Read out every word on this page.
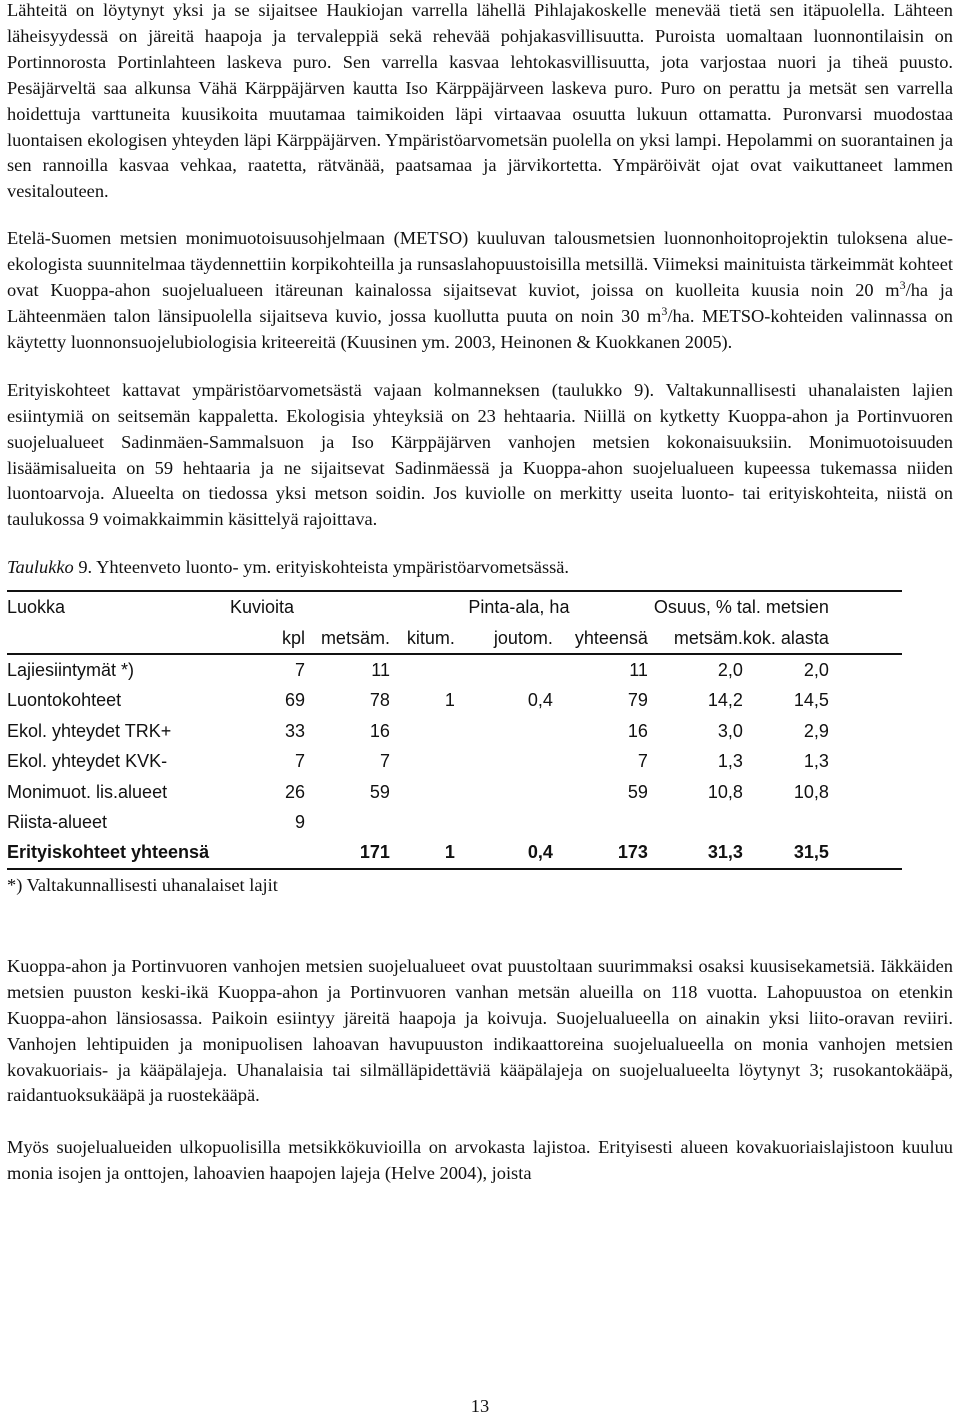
Lähteitä on löytynyt yksi ja se sijaitsee Haukiojan varrella lähellä Pihlajakoskelle menevää tietä sen itäpuolella. Lähteen läheisyydessä on järeitä haapoja ja tervaleppiä sekä rehevää pohjakasvillisuutta. Puroista uomaltaan luonnontilaisin on Portinnorosta Portinlahteen laskeva puro. Sen varrella kasvaa lehtokasvillisuutta, jota varjostaa nuori ja tiheä puusto. Pesäjärveltä saa alkunsa Vähä Kärppäjärven kautta Iso Kärppäjärveen laskeva puro. Puro on perattu ja metsät sen varrella hoidettuja varttuneita kuusikoita muutamaa taimikoiden läpi virtaavaa osuutta lukuun ottamatta. Puronvarsi muodostaa luontaisen ekologisen yhteyden läpi Kärppäjärven. Ympäristöarvometsän puolella on yksi lampi. Hepolammi on suorantainen ja sen rannoilla kasvaa vehkaa, raatetta, rätvänää, paatsamaa ja järvikortetta. Ympäröivät ojat ovat vaikuttaneet lammen vesitalouteen.

Etelä-Suomen metsien monimuotoisuusohjelmaan (METSO) kuuluvan talousmetsien luonnonhoitoprojektin tuloksena alue-ekologista suunnitelmaa täydennettiin korpikohteilla ja runsaslahopuustoisilla metsillä. Viimeksi mainituista tärkeimmät kohteet ovat Kuoppa-ahon suojelualueen itäreunan kainalossa sijaitsevat kuviot, joissa on kuolleita kuusia noin 20 $m^3/ha$ ja Lähteenmäen talon länsipuolella sijaitseva kuvio, jossa kuollutta puuta on noin 30 $m^3/ha$. METSO-kohteiden valinnassa on käytetty luonnonsuojelubiologisia kriteereitä (Kuusinen ym. 2003, Heinonen & Kuokkanen 2005).

Erityiskohteet kattavat ympäristöarvometsästä vajaan kolmanneksen (taulukko 9). Valtakunnallisesti uhanalaisten lajien esiintymiä on seitsemän kappaletta. Ekologisia yhteyksiä on 23 hehtaaria. Niillä on kytketty Kuoppa-ahon ja Portinvuoren suojelualueet Sadinmäen-Sammalsuon ja Iso Kärppäjärven vanhojen metsien kokonaisuuksiin. Monimuotoisuuden lisäämisalueita on 59 hehtaaria ja ne sijaitsevat Sadinmäessä ja Kuoppa-ahon suojelualueen kupeessa tukemassa niiden luontoarvoja. Alueelta on tiedossa yksi metson soidin. Jos kuviolle on merkitty useita luonto- tai erityiskohteita, niistä on taulukossa 9 voimakkaimmin käsittelyä rajoittava.

Taulukko 9. Yhteenveto luonto- ym. erityiskohteista ympäristöarvometsässä.
Luokka	Kuvioita		Pinta-ala, ha			Osuus, % tal. metsien		
	kpl	metsäm.	kitum.	joutom.	yhteensä	metsäm.	kok. alasta	
Lajiesiintymät *)	7	11			11	2,0	2,0	
Luontokohteet	69	78	1	0,4	79	14,2	14,5	
Ekol. yhteydet TRK+	33	16			16	3,0	2,9	
Ekol. yhteydet KVK-	7	7			7	1,3	1,3	
Monimuot. lis.alueet	26	59			59	10,8	10,8	
Riista-alueet	9							
Erityiskohteet yhteensä		171	1	0,4	173	31,3	31,5	
*) Valtakunnallisesti uhanalaiset lajit

Kuoppa-ahon ja Portinvuoren vanhojen metsien suojelualueet ovat puustoltaan suurimmaksi osaksi kuusisekametsiä. Iäkkäiden metsien puuston keski-ikä Kuoppa-ahon ja Portinvuoren vanhan metsän alueilla on 118 vuotta. Lahopuustoa on etenkin Kuoppa-ahon länsiosassa. Paikoin esiintyy järeitä haapoja ja koivuja. Suojelualueella on ainakin yksi liito-oravan reviiri. Vanhojen lehtipuiden ja monipuolisen lahoavan havupuuston indikaattoreina suojelualueella on monia vanhojen metsien kovakuoriais- ja kääpälajeja. Uhanalaisia tai silmälläpidettäviä kääpälajeja on suojelualueelta löytynyt 3; rusokantokääpä, raidantuoksukääpä ja ruostekääpä.

Myös suojelualueiden ulkopuolisilla metsikkökuvioilla on arvokasta lajistoa. Erityisesti alueen kovakuoriaislajistoon kuuluu monia isojen ja onttojen, lahoavien haapojen lajeja (Helve 2004), joista

13
